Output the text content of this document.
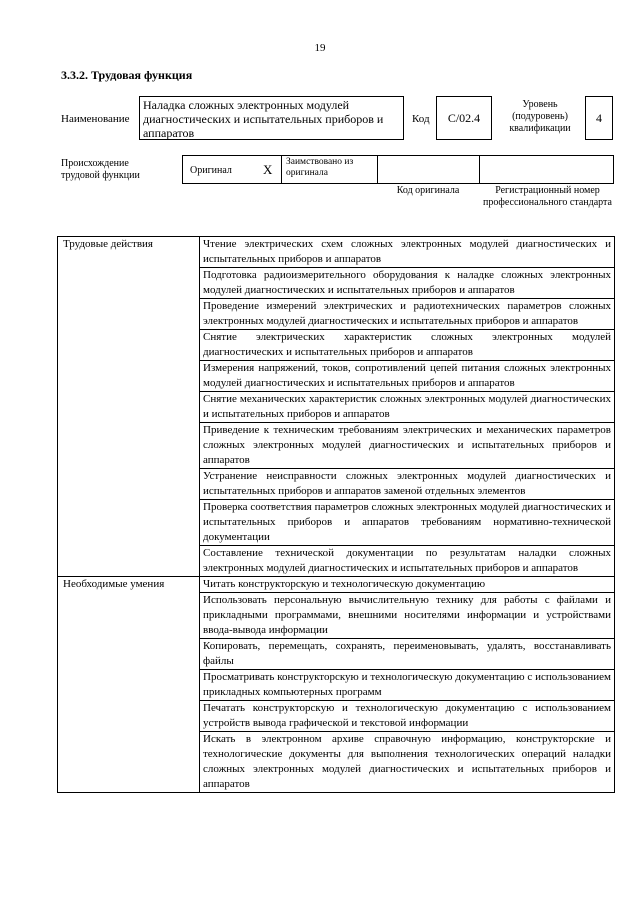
19
3.3.2. Трудовая функция
Наименование
Наладка сложных электронных модулей диагностических и испытательных приборов и аппаратов
Код	С/02.4
Уровень (подуровень) квалификации
4
Происхождение трудовой функции	Оригинал X Заимствовано из оригинала
Код оригинала	Регистрационный номер профессионального стандарта
Трудовые действия	Чтение электрических схем сложных электронных модулей диагностических и испытательных приборов и аппаратов
	Подготовка радиоизмерительного оборудования к наладке сложных электронных модулей диагностических и испытательных приборов и аппаратов
	Проведение измерений электрических и радиотехнических параметров сложных электронных модулей диагностических и испытательных приборов и аппаратов
	Снятие электрических характеристик сложных электронных модулей диагностических и испытательных приборов и аппаратов
	Измерения напряжений, токов, сопротивлений цепей питания сложных электронных модулей диагностических и испытательных приборов и аппаратов
	Снятие механических характеристик сложных электронных модулей диагностических и испытательных приборов и аппаратов
	Приведение к техническим требованиям электрических и механических параметров сложных электронных модулей диагностических и испытательных приборов и аппаратов
	Устранение неисправности сложных электронных модулей диагностических и испытательных приборов и аппаратов заменой отдельных элементов
	Проверка соответствия параметров сложных электронных модулей диагностических и испытательных приборов и аппаратов требованиям нормативно-технической документации
	Составление технической документации по результатам наладки сложных электронных модулей диагностических и испытательных приборов и аппаратов
Необходимые умения	Читать конструкторскую и технологическую документацию
	Использовать персональную вычислительную технику для работы с файлами и прикладными программами, внешними носителями информации и устройствами ввода-вывода информации
	Копировать, перемещать, сохранять, переименовывать, удалять, восстанавливать файлы
	Просматривать конструкторскую и технологическую документацию с использованием прикладных компьютерных программ
	Печатать конструкторскую и технологическую документацию с использованием устройств вывода графической и текстовой информации
	Искать в электронном архиве справочную информацию, конструкторские и технологические документы для выполнения технологических операций наладки сложных электронных модулей диагностических и испытательных приборов и аппаратов
